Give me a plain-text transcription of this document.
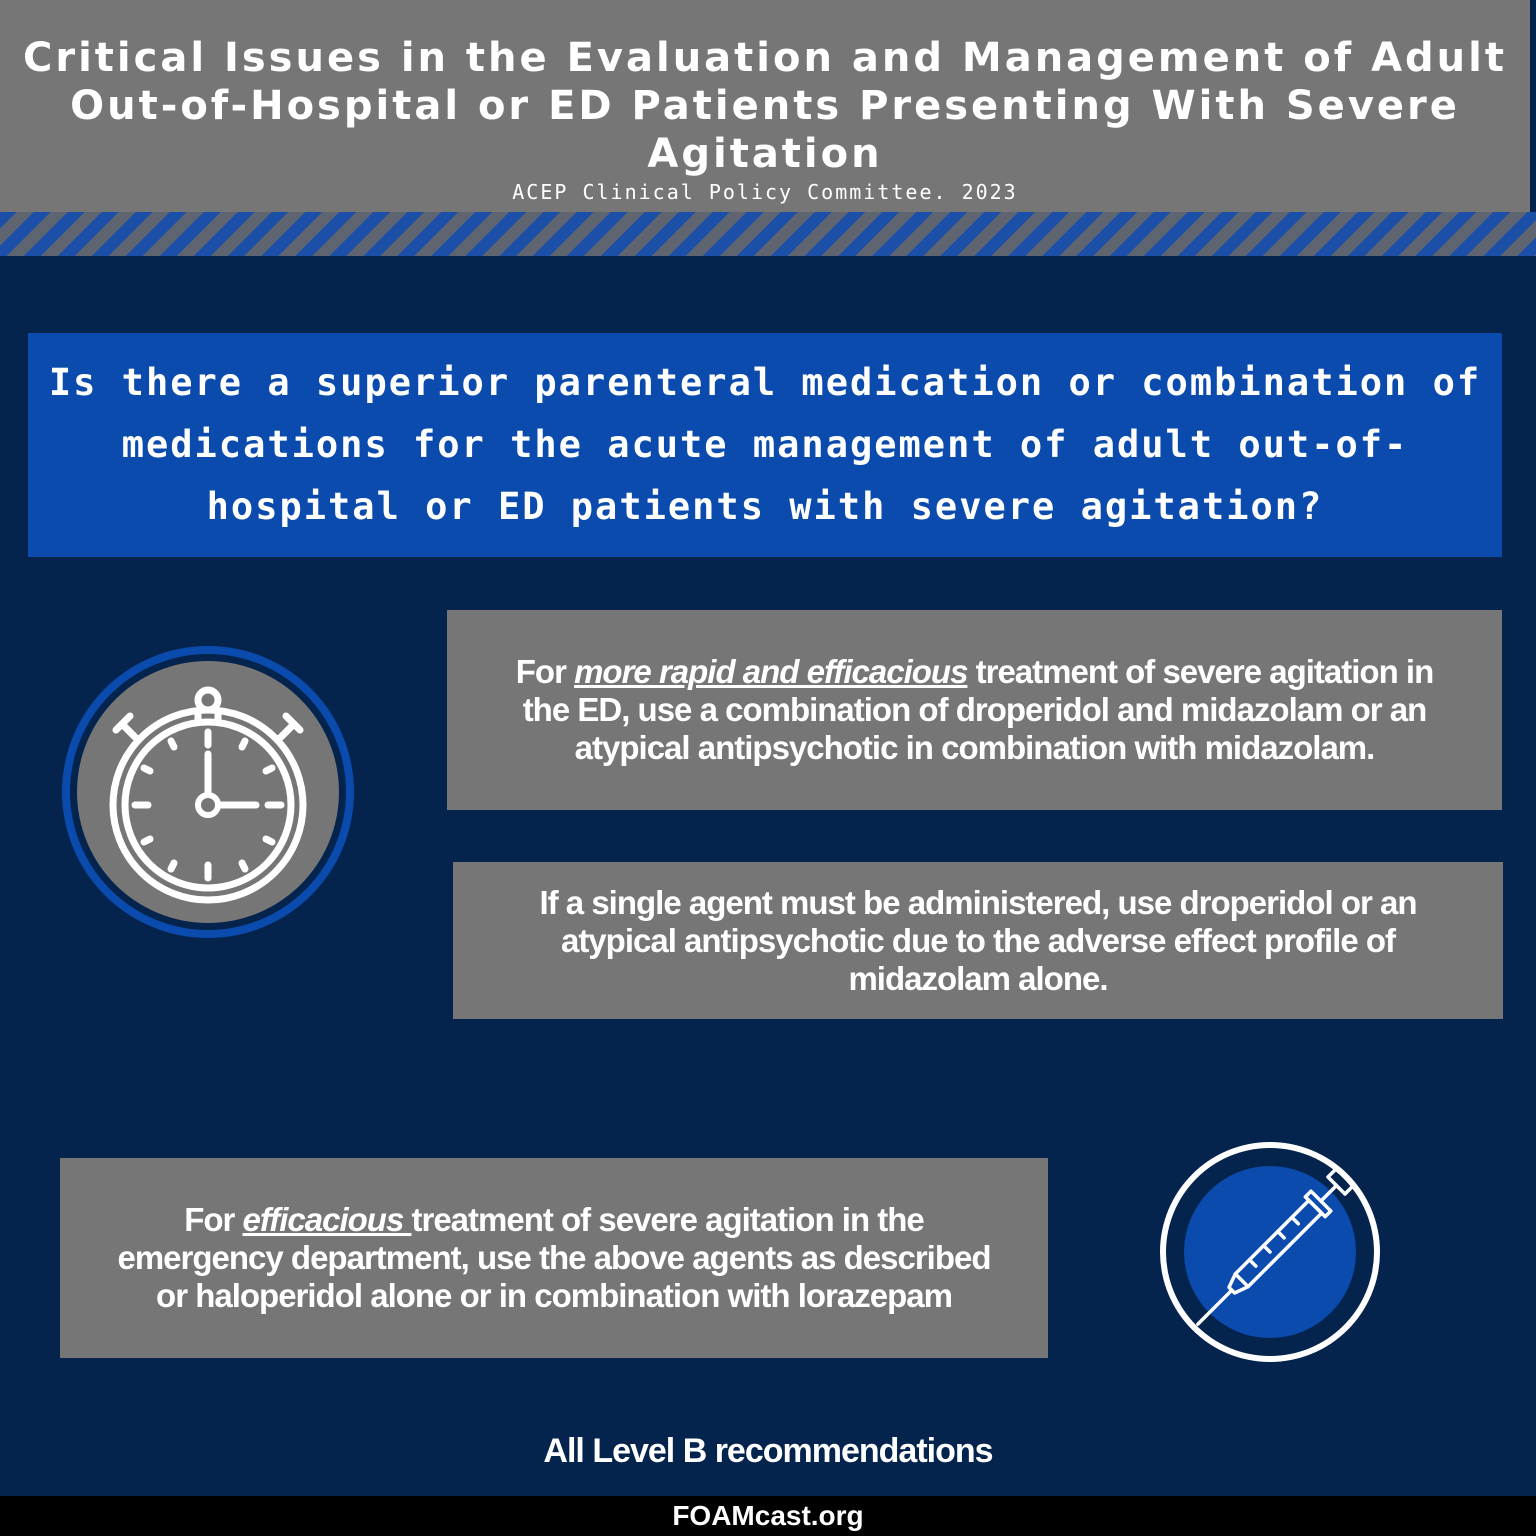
Critical Issues in the Evaluation and Management of Adult
Out-of-Hospital or ED Patients Presenting With Severe
Agitation

ACEP Clinical Policy Committee. 2023

Is there a superior parenteral medication or combination of
medications for the acute management of adult out-of-
hospital or ED patients with severe agitation?

For more rapid and efficacious treatment of severe agitation in
the ED, use a combination of droperidol and midazolam or an
atypical antipsychotic in combination with midazolam.

If a single agent must be administered, use droperidol or an
atypical antipsychotic due to the adverse effect profile of
midazolam alone.

For efficacious treatment of severe agitation in the
emergency department, use the above agents as described
or haloperidol alone or in combination with lorazepam

All Level B recommendations

FOAMcast.org
